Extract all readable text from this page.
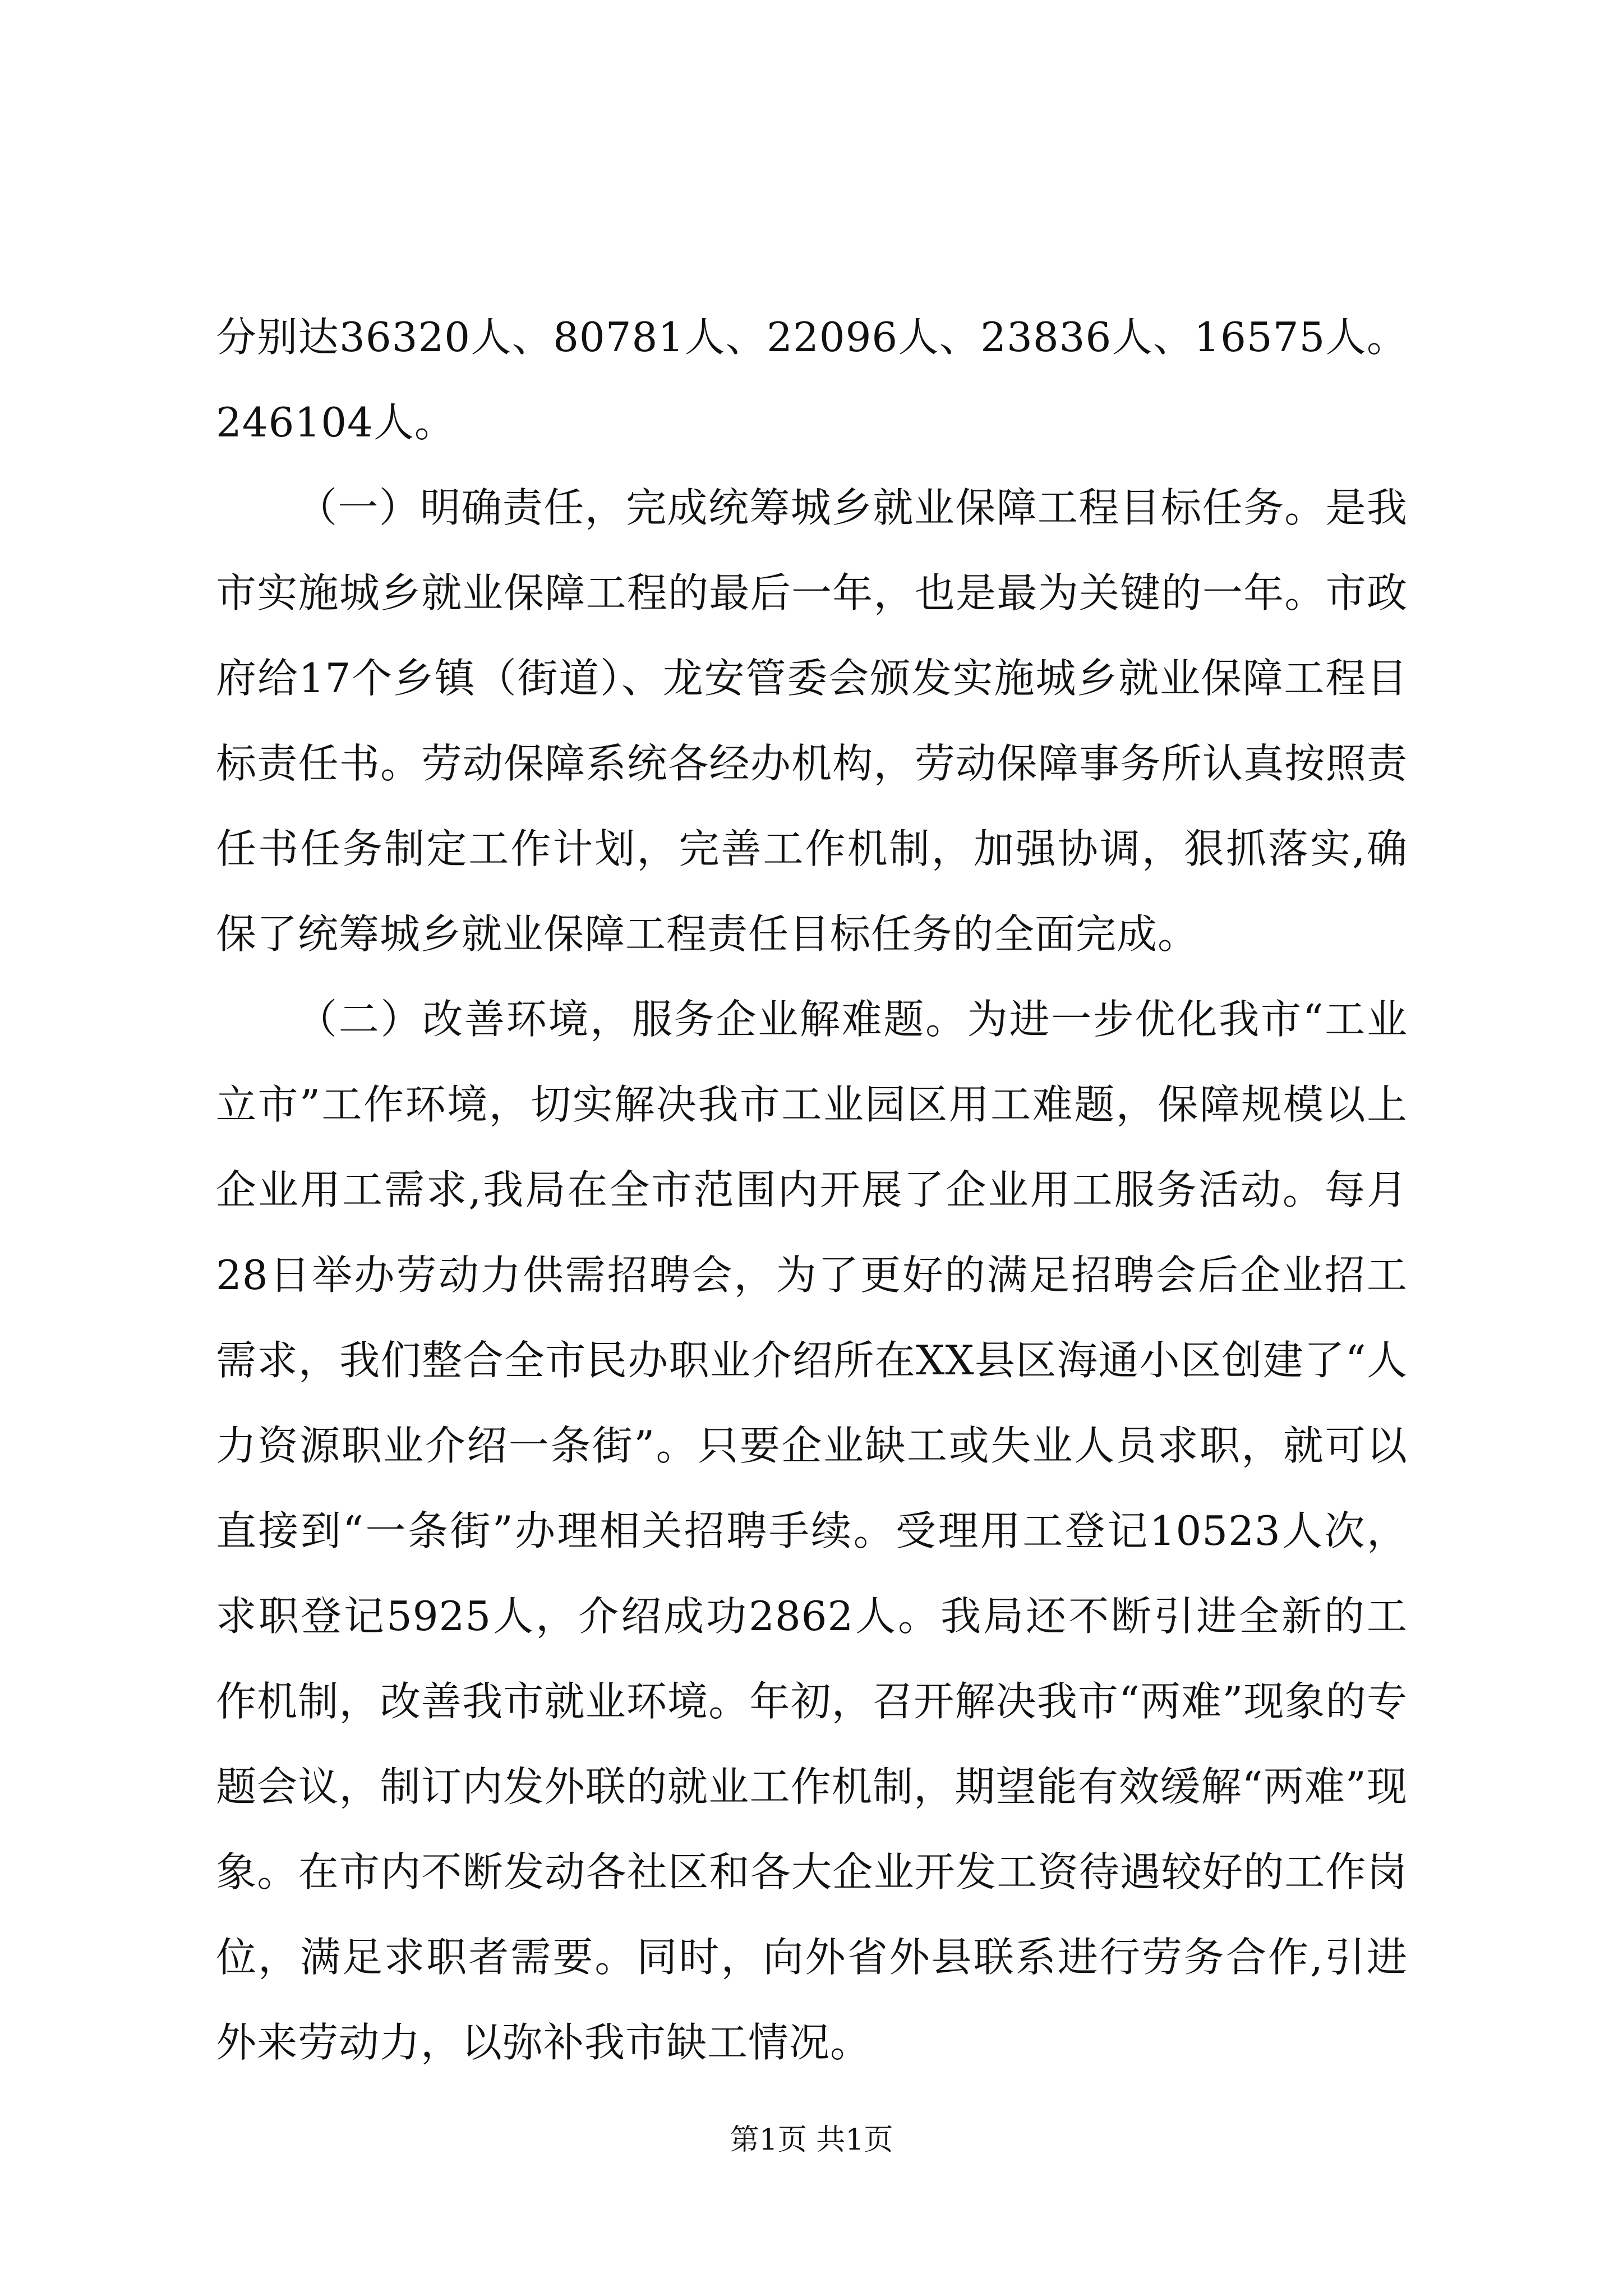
分别达36320人、80781人、22096人、23836人、16575人。246104人。

（一）明确责任，完成统筹城乡就业保障工程目标任务。是我市实施城乡就业保障工程的最后一年，也是最为关键的一年。市政府给17个乡镇（街道）、龙安管委会颁发实施城乡就业保障工程目标责任书。劳动保障系统各经办机构，劳动保障事务所认真按照责任书任务制定工作计划，完善工作机制，加强协调，狠抓落实,确保了统筹城乡就业保障工程责任目标任务的全面完成。

（二）改善环境，服务企业解难题。为进一步优化我市“工业立市”工作环境，切实解决我市工业园区用工难题，保障规模以上企业用工需求,我局在全市范围内开展了企业用工服务活动。每月28日举办劳动力供需招聘会，为了更好的满足招聘会后企业招工需求，我们整合全市民办职业介绍所在XX县区海通小区创建了“人力资源职业介绍一条街”。只要企业缺工或失业人员求职，就可以直接到“一条街”办理相关招聘手续。受理用工登记10523人次，求职登记5925人，介绍成功2862人。我局还不断引进全新的工作机制，改善我市就业环境。年初，召开解决我市“两难”现象的专题会议，制订内发外联的就业工作机制，期望能有效缓解“两难”现象。在市内不断发动各社区和各大企业开发工资待遇较好的工作岗位，满足求职者需要。同时，向外省外县联系进行劳务合作,引进外来劳动力，以弥补我市缺工情况。

第1页 共1页
